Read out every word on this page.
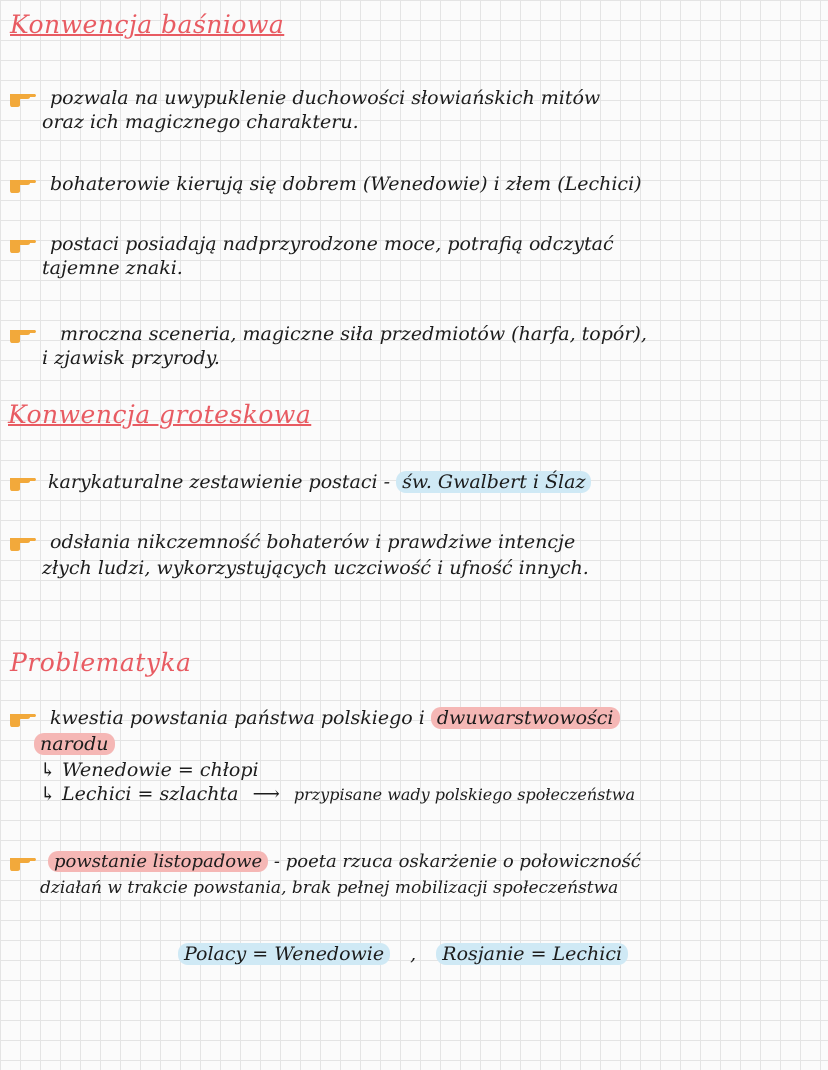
Konwencja baśniowa
pozwala na uwypuklenie duchowości słowiańskich mitów
oraz ich magicznego charakteru.
bohaterowie kierują się dobrem (Wenedowie) i złem (Lechici)
postaci posiadają nadprzyrodzone moce, potrafią odczytać
tajemne znaki.
mroczna sceneria, magiczne siła przedmiotów (harfa, topór),
i zjawisk przyrody.
Konwencja groteskowa
karykaturalne zestawienie postaci - św. Gwalbert i Ślaz
odsłania nikczemność bohaterów i prawdziwe intencje
złych ludzi, wykorzystujących uczciwość i ufność innych.
Problematyka
kwestia powstania państwa polskiego i dwuwarstwowości
narodu
↳ Wenedowie = chłopi
↳ Lechici = szlachta ⟶ przypisane wady polskiego społeczeństwa
powstanie listopadowe - poeta rzuca oskarżenie o połowiczność
działań w trakcie powstania, brak pełnej mobilizacji społeczeństwa
Polacy = Wenedowie , Rosjanie = Lechici
